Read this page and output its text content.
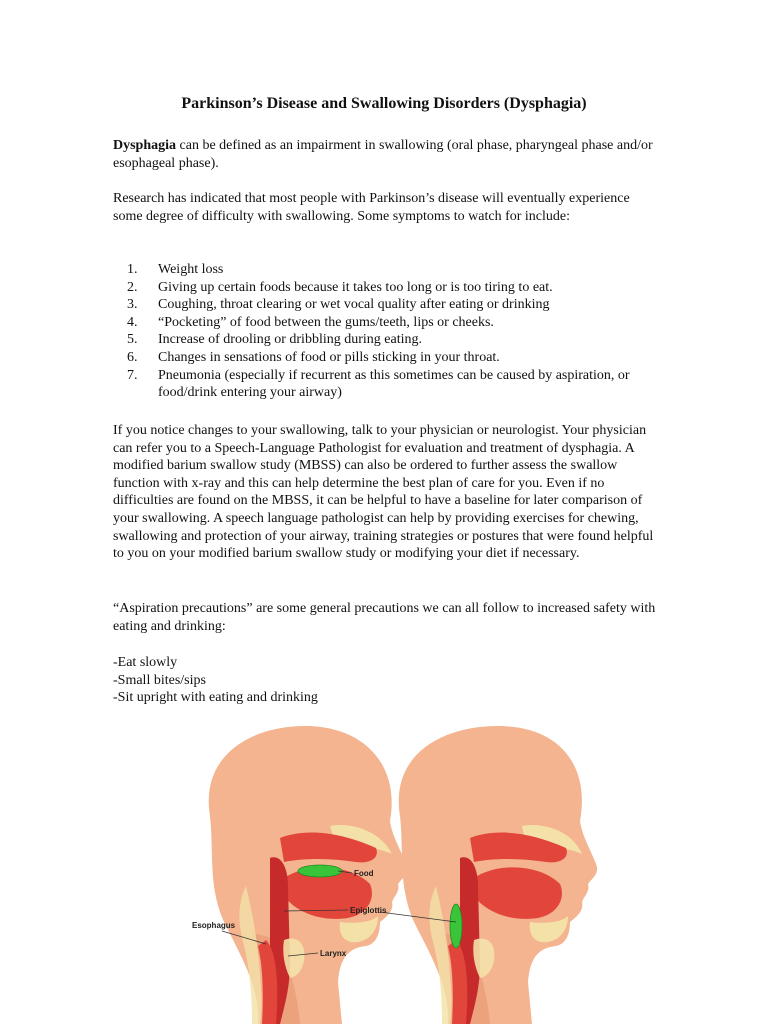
Parkinson’s Disease and Swallowing Disorders (Dysphagia)
Dysphagia can be defined as an impairment in swallowing (oral phase, pharyngeal phase and/or esophageal phase).
Research has indicated that most people with Parkinson’s disease will eventually experience some degree of difficulty with swallowing. Some symptoms to watch for include:
1. Weight loss
2. Giving up certain foods because it takes too long or is too tiring to eat.
3. Coughing, throat clearing or wet vocal quality after eating or drinking
4. “Pocketing” of food between the gums/teeth, lips or cheeks.
5. Increase of drooling or dribbling during eating.
6. Changes in sensations of food or pills sticking in your throat.
7. Pneumonia (especially if recurrent as this sometimes can be caused by aspiration, or food/drink entering your airway)
If you notice changes to your swallowing, talk to your physician or neurologist. Your physician can refer you to a Speech-Language Pathologist for evaluation and treatment of dysphagia. A modified barium swallow study (MBSS) can also be ordered to further assess the swallow function with x-ray and this can help determine the best plan of care for you. Even if no difficulties are found on the MBSS, it can be helpful to have a baseline for later comparison of your swallowing. A speech language pathologist can help by providing exercises for chewing, swallowing and protection of your airway, training strategies or postures that were found helpful to you on your modified barium swallow study or modifying your diet if necessary.
“Aspiration precautions” are some general precautions we can all follow to increased safety with eating and drinking:
-Eat slowly
-Small bites/sips
-Sit upright with eating and drinking
Food
Epiglottis
Esophagus
Larynx
